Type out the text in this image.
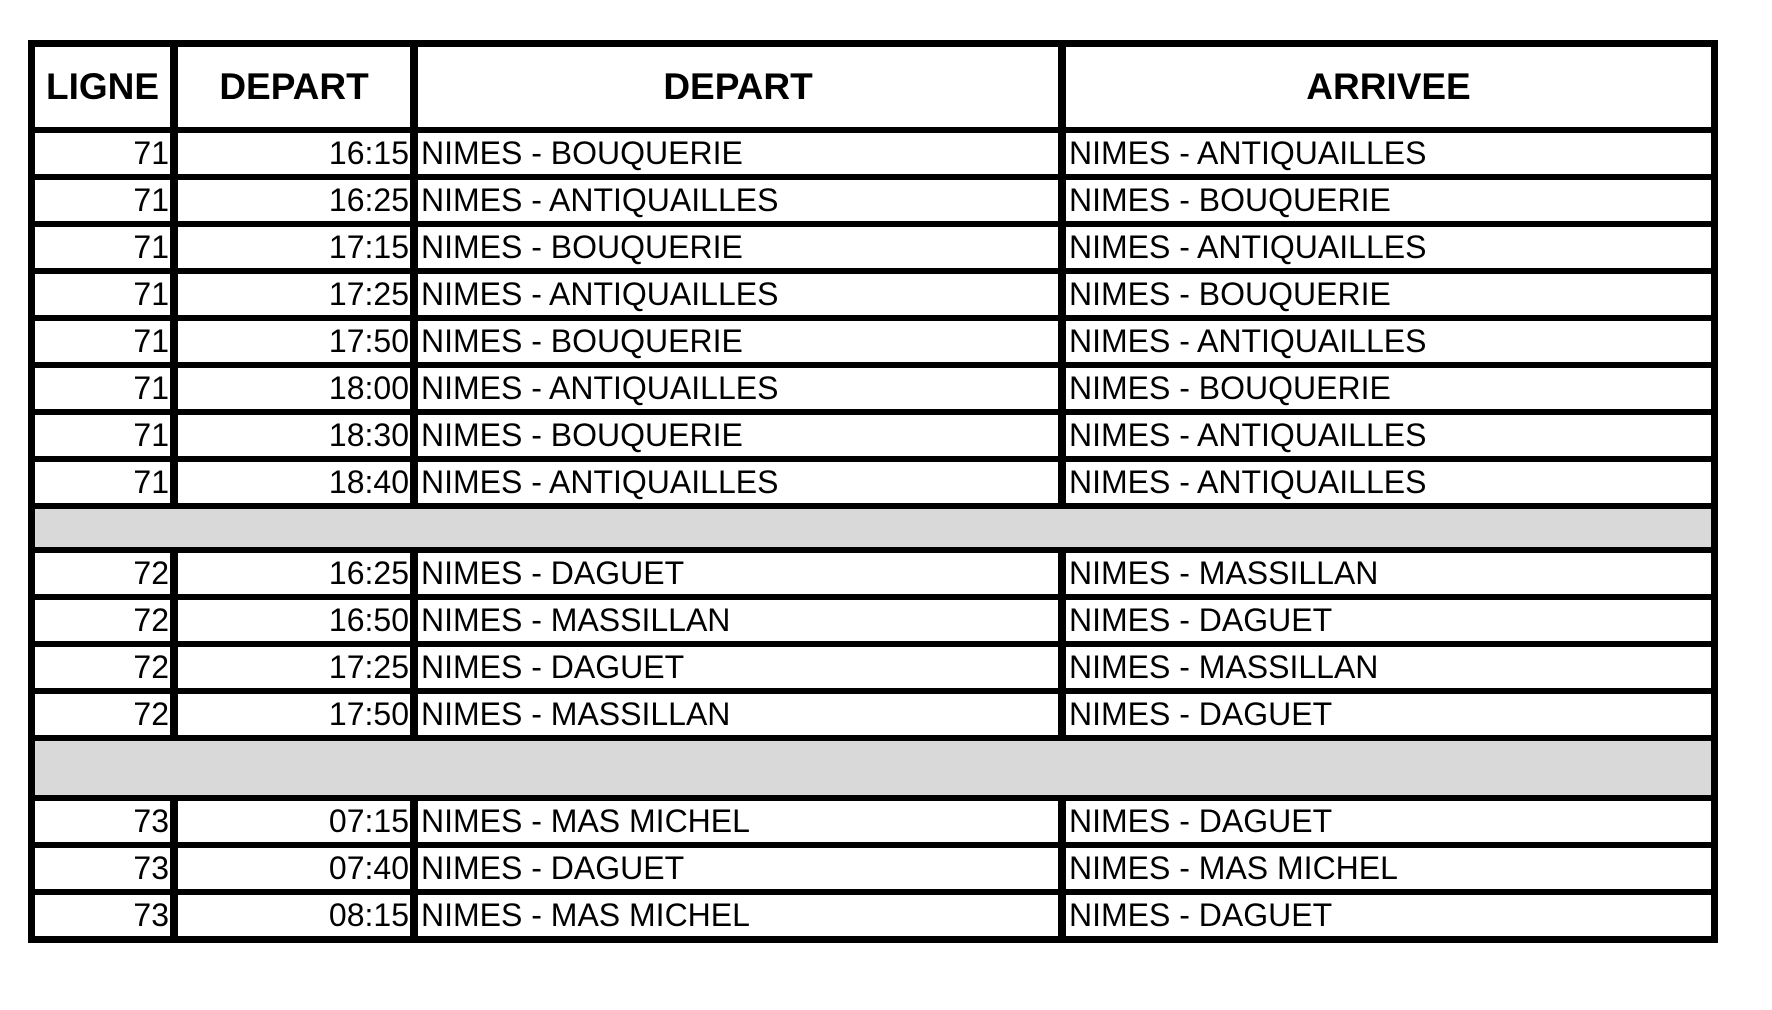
LIGNE	DEPART	DEPART	ARRIVEE
71	16:15	NIMES - BOUQUERIE	NIMES - ANTIQUAILLES
71	16:25	NIMES - ANTIQUAILLES	NIMES - BOUQUERIE
71	17:15	NIMES - BOUQUERIE	NIMES - ANTIQUAILLES
71	17:25	NIMES - ANTIQUAILLES	NIMES - BOUQUERIE
71	17:50	NIMES - BOUQUERIE	NIMES - ANTIQUAILLES
71	18:00	NIMES - ANTIQUAILLES	NIMES - BOUQUERIE
71	18:30	NIMES - BOUQUERIE	NIMES - ANTIQUAILLES
71	18:40	NIMES - ANTIQUAILLES	NIMES - ANTIQUAILLES

72	16:25	NIMES - DAGUET	NIMES - MASSILLAN
72	16:50	NIMES - MASSILLAN	NIMES - DAGUET
72	17:25	NIMES - DAGUET	NIMES - MASSILLAN
72	17:50	NIMES - MASSILLAN	NIMES - DAGUET

73	07:15	NIMES - MAS MICHEL	NIMES - DAGUET
73	07:40	NIMES - DAGUET	NIMES - MAS MICHEL
73	08:15	NIMES - MAS MICHEL	NIMES - DAGUET
